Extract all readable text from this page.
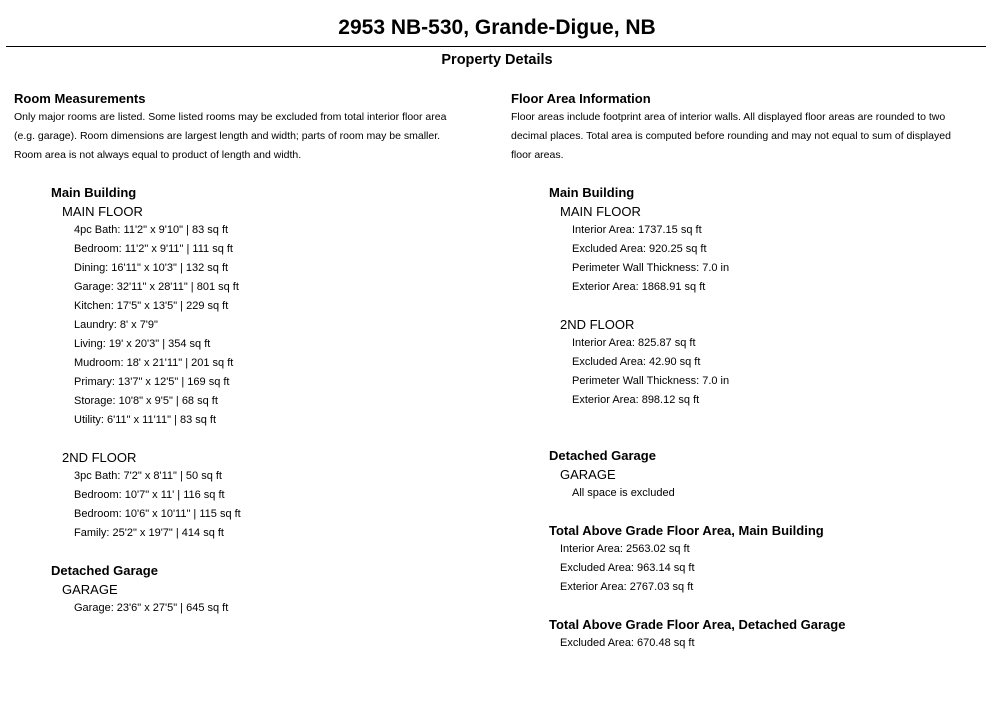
2953 NB-530, Grande-Digue, NB
Property Details
Room Measurements
Only major rooms are listed. Some listed rooms may be excluded from total interior floor area
(e.g. garage). Room dimensions are largest length and width; parts of room may be smaller.
Room area is not always equal to product of length and width.
Main Building
MAIN FLOOR
4pc Bath: 11'2" x 9'10" | 83 sq ft
Bedroom: 11'2" x 9'11" | 111 sq ft
Dining: 16'11" x 10'3" | 132 sq ft
Garage: 32'11" x 28'11" | 801 sq ft
Kitchen: 17'5" x 13'5" | 229 sq ft
Laundry: 8' x 7'9"
Living: 19' x 20'3" | 354 sq ft
Mudroom: 18' x 21'11" | 201 sq ft
Primary: 13'7" x 12'5" | 169 sq ft
Storage: 10'8" x 9'5" | 68 sq ft
Utility: 6'11" x 11'11" | 83 sq ft
2ND FLOOR
3pc Bath: 7'2" x 8'11" | 50 sq ft
Bedroom: 10'7" x 11' | 116 sq ft
Bedroom: 10'6" x 10'11" | 115 sq ft
Family: 25'2" x 19'7" | 414 sq ft
Detached Garage
GARAGE
Garage: 23'6" x 27'5" | 645 sq ft
Floor Area Information
Floor areas include footprint area of interior walls. All displayed floor areas are rounded to two
decimal places. Total area is computed before rounding and may not equal to sum of displayed
floor areas.
Main Building
MAIN FLOOR
Interior Area: 1737.15 sq ft
Excluded Area: 920.25 sq ft
Perimeter Wall Thickness: 7.0 in
Exterior Area: 1868.91 sq ft
2ND FLOOR
Interior Area: 825.87 sq ft
Excluded Area: 42.90 sq ft
Perimeter Wall Thickness: 7.0 in
Exterior Area: 898.12 sq ft
Detached Garage
GARAGE
All space is excluded
Total Above Grade Floor Area, Main Building
Interior Area: 2563.02 sq ft
Excluded Area: 963.14 sq ft
Exterior Area: 2767.03 sq ft
Total Above Grade Floor Area, Detached Garage
Excluded Area: 670.48 sq ft
